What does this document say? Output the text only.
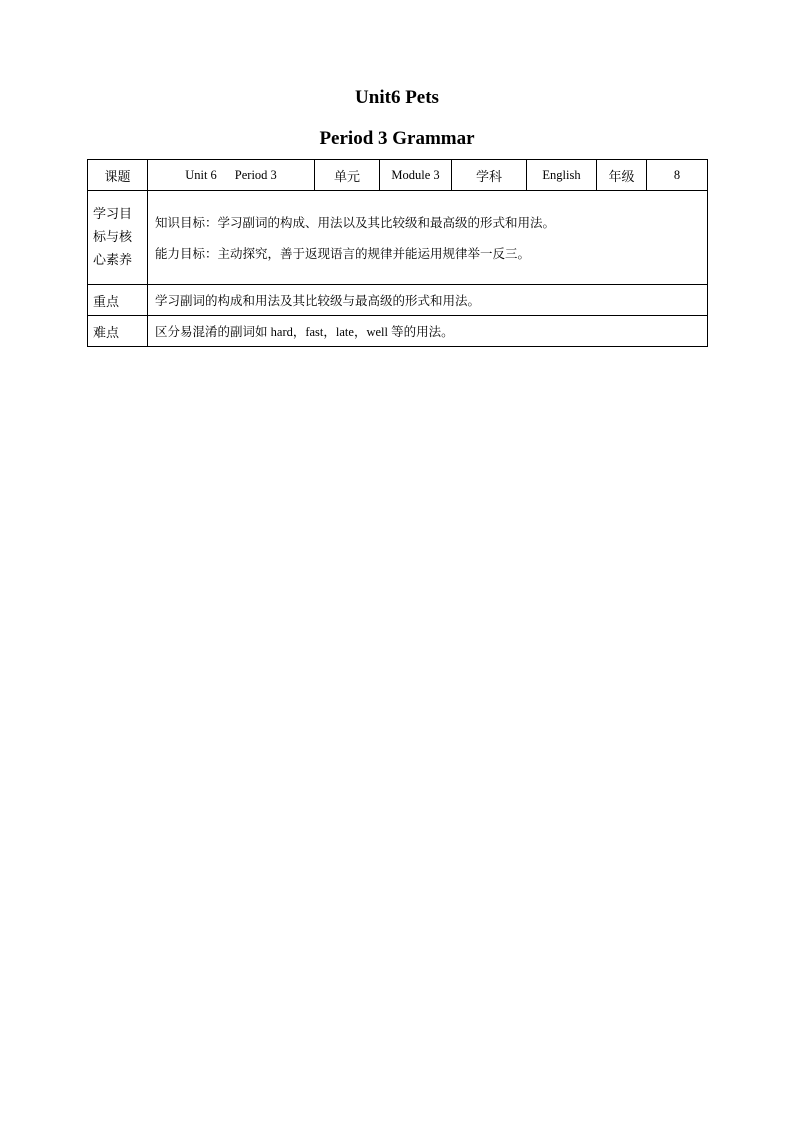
Unit6 Pets
Period 3 Grammar
课题	Unit 6 Period 3	单元	Module 3	学科	English	年级	8

学习目
标与核
心素养	知识目标：学习副词的构成、用法以及其比较级和最高级的形式和用法。
能力目标：主动探究，善于返现语言的规律并能运用规律举一反三。						

重点	学习副词的构成和用法及其比较级与最高级的形式和用法。						
难点	区分易混淆的副词如 hard，fast，late，well 等的用法。						
